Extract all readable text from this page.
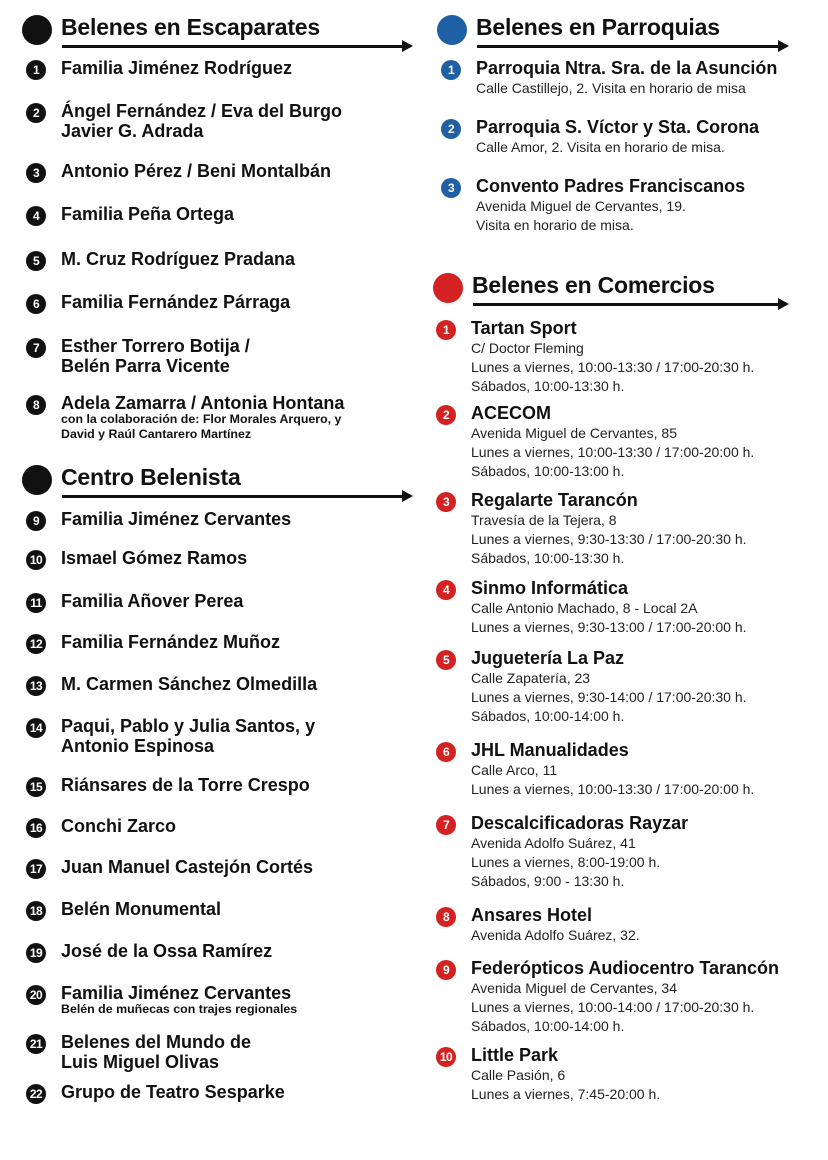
Belenes en Escaparates
1	Familia Jiménez Rodríguez
2	Ángel Fernández / Eva del Burgo
Javier G. Adrada
3	Antonio Pérez / Beni Montalbán
4	Familia Peña Ortega
5	M. Cruz Rodríguez Pradana
6	Familia Fernández Párraga
7	Esther Torrero Botija /
Belén Parra Vicente
8	Adela Zamarra / Antonia Hontana
con la colaboración de: Flor Morales Arquero, y
David y Raúl Cantarero Martínez
Centro Belenista
9	Familia Jiménez Cervantes
10 Ismael Gómez Ramos
11 Familia Añover Perea
12 Familia Fernández Muñoz
13 M. Carmen Sánchez Olmedilla
14 Paqui, Pablo y Julia Santos, y
Antonio Espinosa
15 Riánsares de la Torre Crespo
16 Conchi Zarco
17 Juan Manuel Castejón Cortés
18 Belén Monumental
19 José de la Ossa Ramírez
20 Familia Jiménez Cervantes
Belén de muñecas con trajes regionales
21 Belenes del Mundo de
Luis Miguel Olivas
22 Grupo de Teatro Sesparke
Belenes en Parroquias
1	Parroquia Ntra. Sra. de la Asunción
Calle Castillejo, 2. Visita en horario de misa
2	Parroquia S. Víctor y Sta. Corona
Calle Amor, 2. Visita en horario de misa.
3	Convento Padres Franciscanos
Avenida Miguel de Cervantes, 19.
Visita en horario de misa.
Belenes en Comercios
1	Tartan Sport
C/ Doctor Fleming
Lunes a viernes, 10:00-13:30 / 17:00-20:30 h.
Sábados, 10:00-13:30 h.
2	ACECOM
Avenida Miguel de Cervantes, 85
Lunes a viernes, 10:00-13:30 / 17:00-20:00 h.
Sábados, 10:00-13:00 h.
3	Regalarte Tarancón
Travesía de la Tejera, 8
Lunes a viernes, 9:30-13:30 / 17:00-20:30 h.
Sábados, 10:00-13:30 h.
4	Sinmo Informática
Calle Antonio Machado, 8 - Local 2A
Lunes a viernes, 9:30-13:00 / 17:00-20:00 h.
5	Juguetería La Paz
Calle Zapatería, 23
Lunes a viernes, 9:30-14:00 / 17:00-20:30 h.
Sábados, 10:00-14:00 h.
6	JHL Manualidades
Calle Arco, 11
Lunes a viernes, 10:00-13:30 / 17:00-20:00 h.
7	Descalcificadoras Rayzar
Avenida Adolfo Suárez, 41
Lunes a viernes, 8:00-19:00 h.
Sábados, 9:00 - 13:30 h.
8	Ansares Hotel
Avenida Adolfo Suárez, 32.
9	Federópticos Audiocentro Tarancón
Avenida Miguel de Cervantes, 34
Lunes a viernes, 10:00-14:00 / 17:00-20:30 h.
Sábados, 10:00-14:00 h.
10 Little Park
Calle Pasión, 6
Lunes a viernes, 7:45-20:00 h.
